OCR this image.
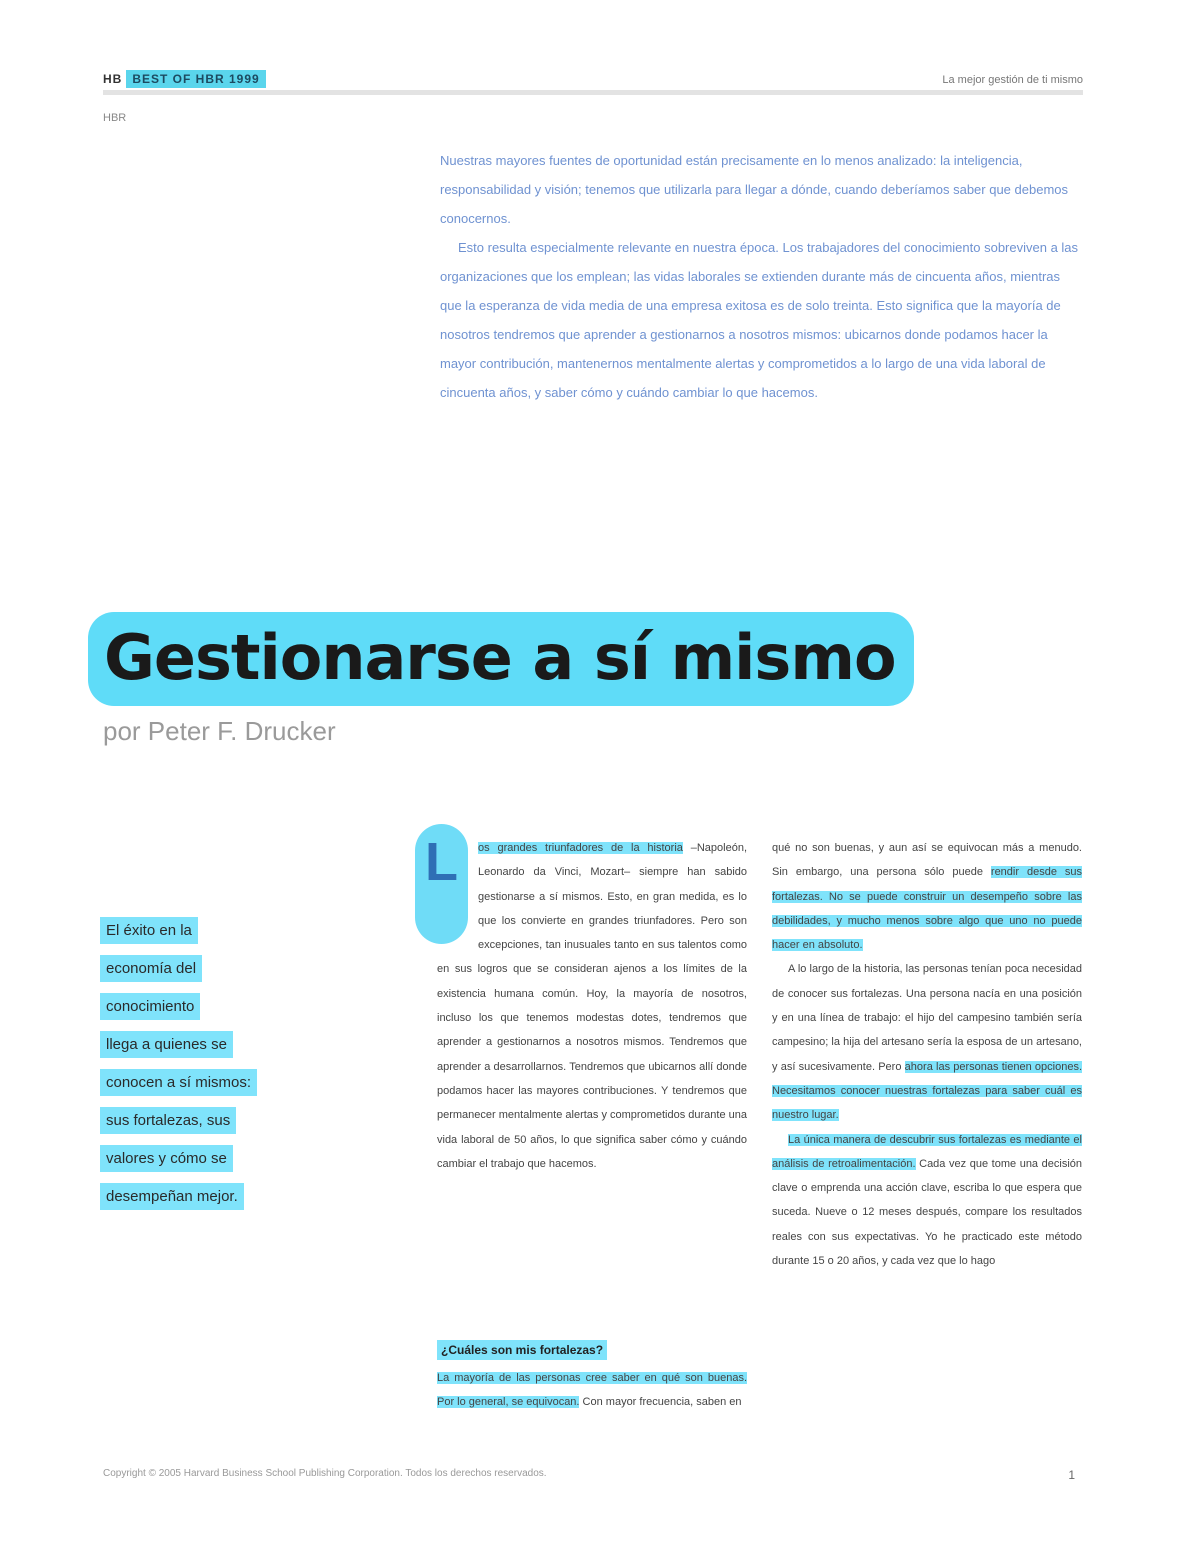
HB BEST OF HBR 1999	La mejor gestión de ti mismo
HBR

Nuestras mayores fuentes de oportunidad están precisamente en lo menos analizado: la inteligencia, responsabilidad y visión; tenemos que utilizarla para llegar a dónde, cuando deberíamos saber que debemos conocernos.

Esto resulta especialmente relevante en nuestra época. Los trabajadores del conocimiento sobreviven a las organizaciones que los emplean; las vidas laborales se extienden durante más de cincuenta años, mientras que la esperanza de vida media de una empresa exitosa es de solo treinta. Esto significa que la mayoría de nosotros tendremos que aprender a gestionarnos a nosotros mismos: ubicarnos donde podamos hacer la mayor contribución, mantenernos mentalmente alertas y comprometidos a lo largo de una vida laboral de cincuenta años, y saber cómo y cuándo cambiar lo que hacemos.

Gestionarse a sí mismo
por Peter F. Drucker
El éxito en la
economía del
conocimiento
llega a quienes se
conocen a sí mismos:
sus fortalezas, sus
valores y cómo se
desempeñan mejor.
L	os grandes triunfadores de la historia –Napoleón, Leonardo da Vinci, Mozart– siempre han sabido gestionarse a sí mismos. Esto, en gran medida, es lo que los convierte en grandes triunfadores. Pero son excepciones, tan inusuales tanto en sus talentos como en sus logros que se consideran ajenos a los límites de la existencia humana común. Hoy, la mayoría de nosotros, incluso los que tenemos modestas dotes, tendremos que aprender a gestionarnos a nosotros mismos. Tendremos que aprender a desarrollarnos. Tendremos que ubicarnos allí donde podamos hacer las mayores contribuciones. Y tendremos que permanecer mentalmente alertas y comprometidos durante una vida laboral de 50 años, lo que significa saber cómo y cuándo cambiar el trabajo que hacemos.

¿Cuáles son mis fortalezas?
La mayoría de las personas cree saber en qué son buenas. Por lo general, se equivocan. Con mayor frecuencia, saben en

qué no son buenas, y aun así se equivocan más a menudo. Sin embargo, una persona sólo puede rendir desde sus fortalezas. No se puede construir un desempeño sobre las debilidades, y mucho menos sobre algo que uno no puede hacer en absoluto.

A lo largo de la historia, las personas tenían poca necesidad de conocer sus fortalezas. Una persona nacía en una posición y en una línea de trabajo: el hijo del campesino también sería campesino; la hija del artesano sería la esposa de un artesano, y así sucesivamente. Pero ahora las personas tienen opciones. Necesitamos conocer nuestras fortalezas para saber cuál es nuestro lugar.

La única manera de descubrir sus fortalezas es mediante el análisis de retroalimentación. Cada vez que tome una decisión clave o emprenda una acción clave, escriba lo que espera que suceda. Nueve o 12 meses después, compare los resultados reales con sus expectativas. Yo he practicado este método durante 15 o 20 años, y cada vez que lo hago

Copyright © 2005 Harvard Business School Publishing Corporation. Todos los derechos reservados.	1
